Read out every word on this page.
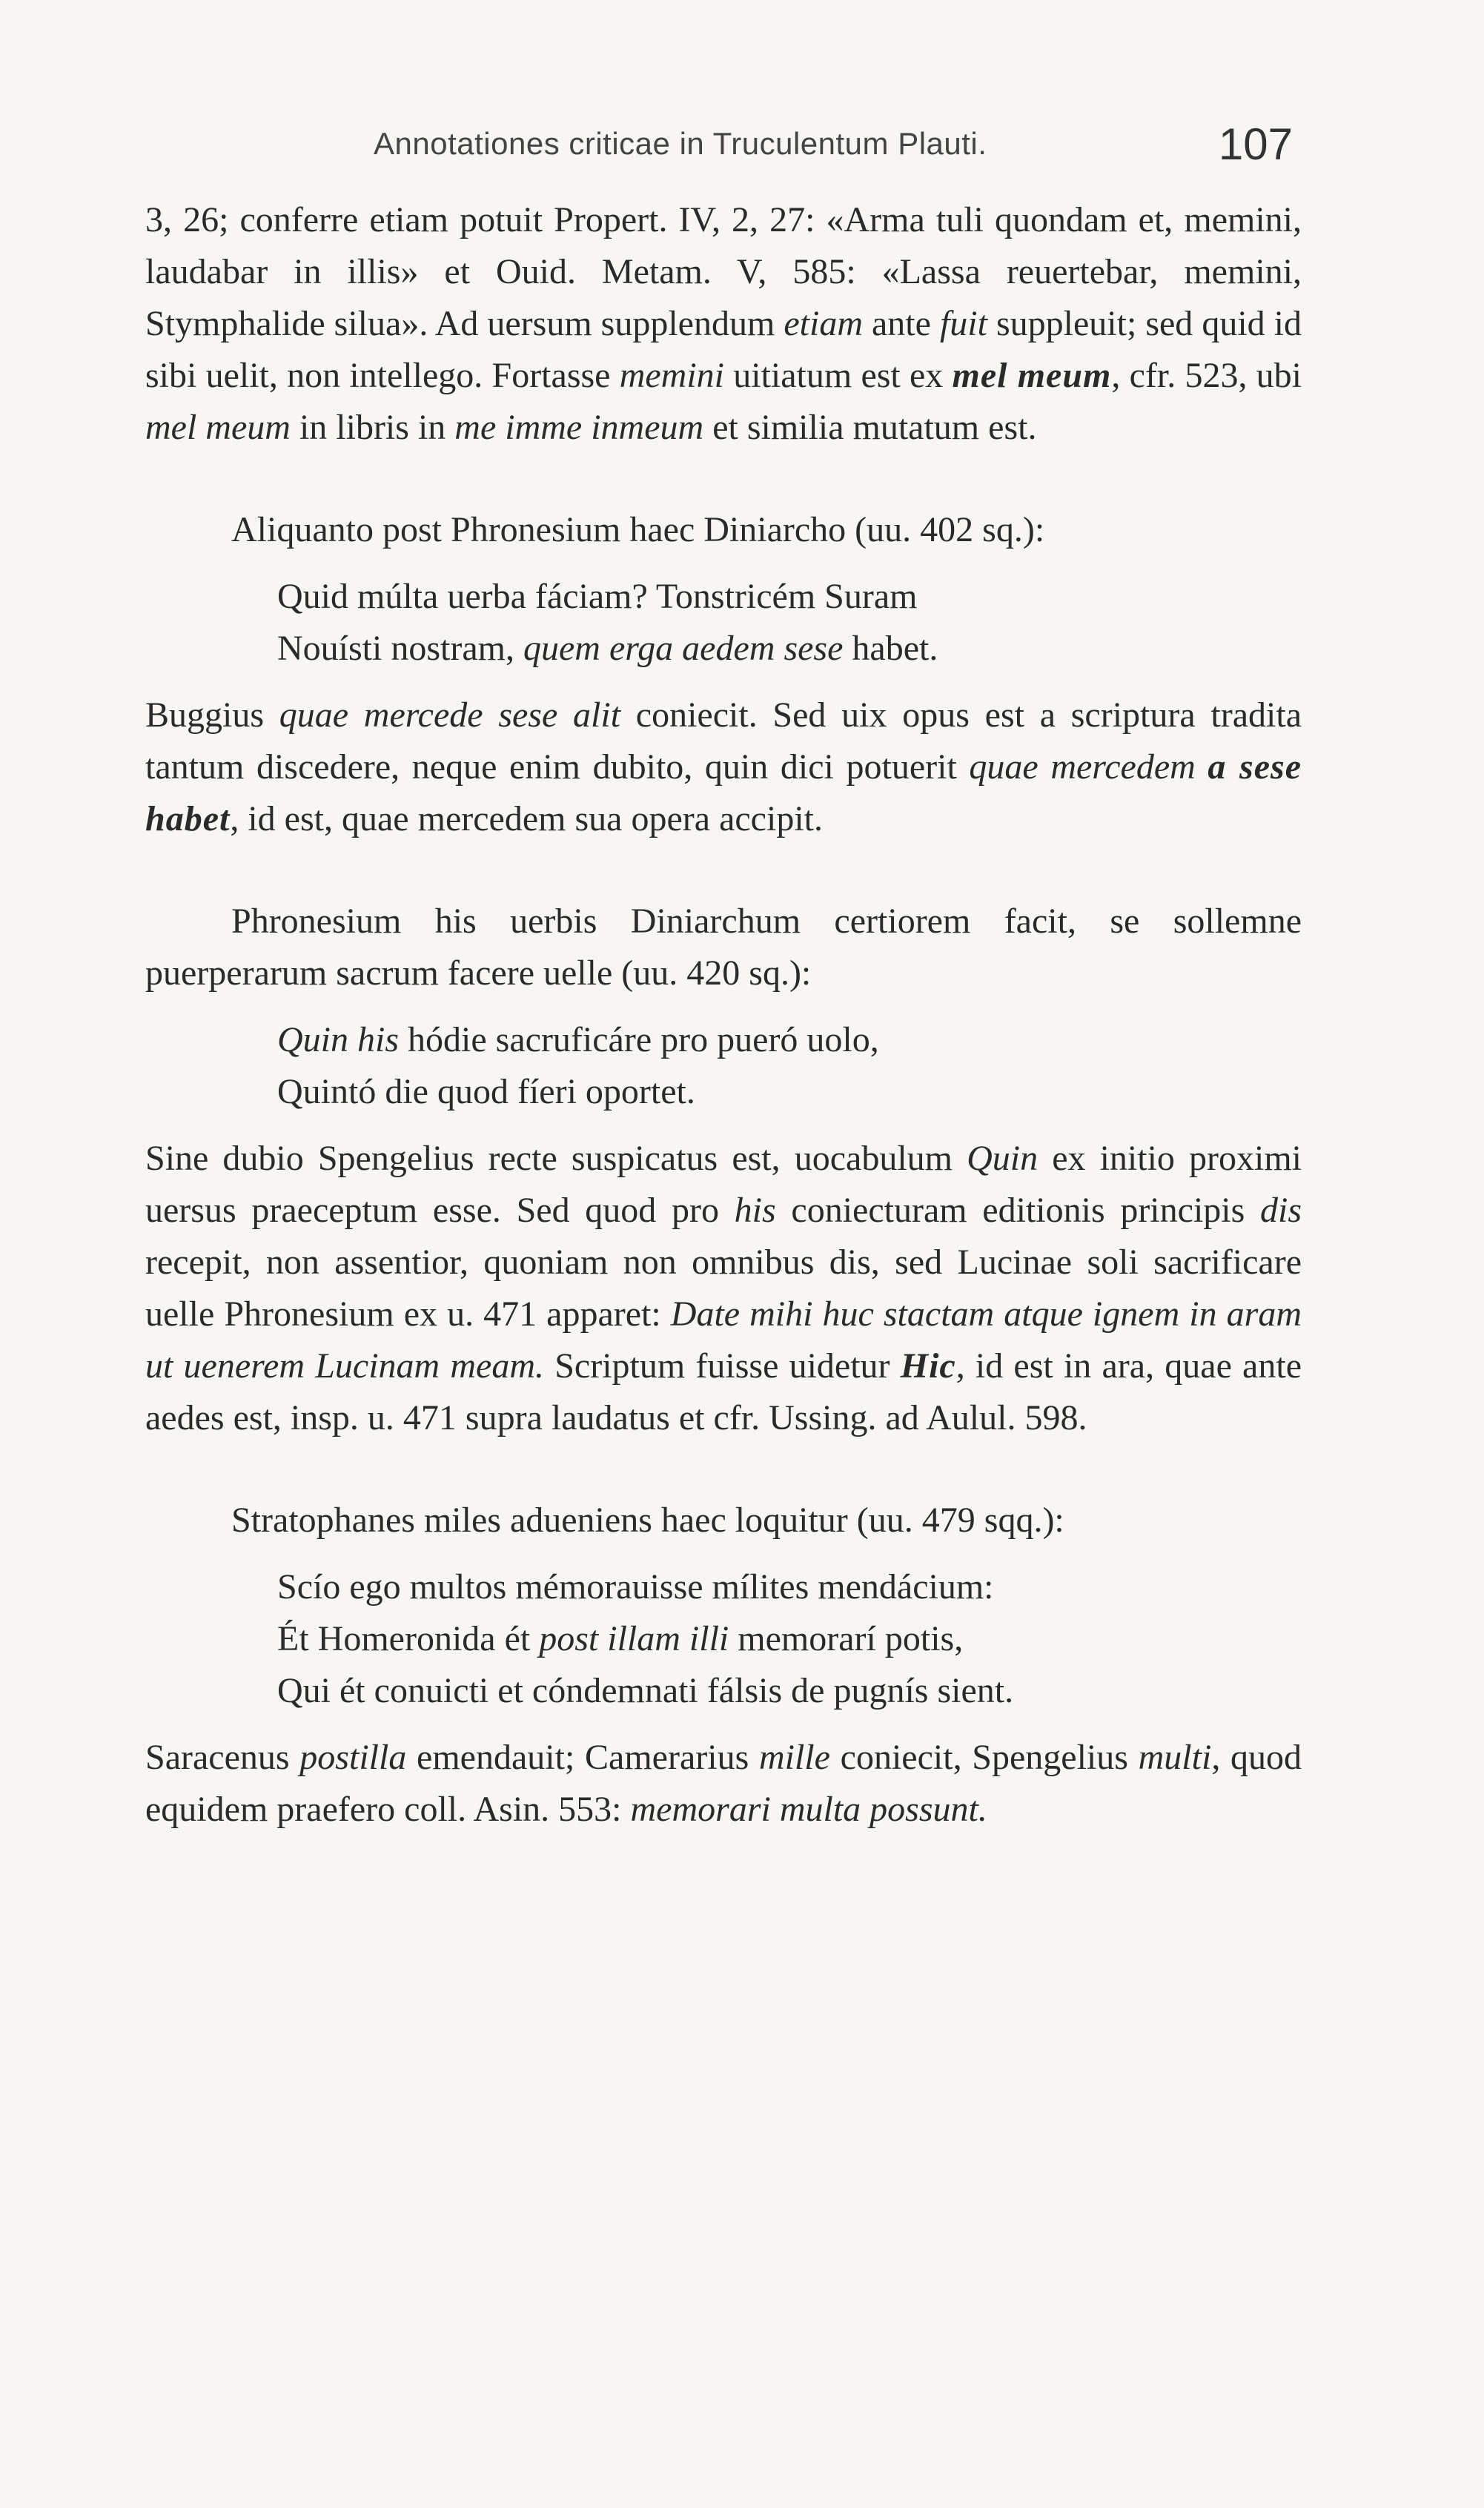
Annotationes criticae in Truculentum Plauti.	107

3, 26; conferre etiam potuit Propert. IV, 2, 27: «Arma tuli quondam et, memini, laudabar in illis» et Ouid. Metam. V, 585: «Lassa reuertebar, memini, Stymphalide silua». Ad uersum supplendum etiam ante fuit suppleuit; sed quid id sibi uelit, non intellego. Fortasse memini uitiatum est ex mel meum, cfr. 523, ubi mel meum in libris in me imme inmeum et similia mutatum est.

Aliquanto post Phronesium haec Diniarcho (uu. 402 sq.):

Quid múlta uerba fáciam? Tonstricém Suram
Nouísti nostram, quem erga aedem sese habet.

Buggius quae mercede sese alit coniecit. Sed uix opus est a scriptura tradita tantum discedere, neque enim dubito, quin dici potuerit quae mercedem a sese habet, id est, quae mercedem sua opera accipit.

Phronesium his uerbis Diniarchum certiorem facit, se sollemne puerperarum sacrum facere uelle (uu. 420 sq.):

Quin his hódie sacruficáre pro pueró uolo,
Quintó die quod fíeri oportet.

Sine dubio Spengelius recte suspicatus est, uocabulum Quin ex initio proximi uersus praeceptum esse. Sed quod pro his coniecturam editionis principis dis recepit, non assentior, quoniam non omnibus dis, sed Lucinae soli sacrificare uelle Phronesium ex u. 471 apparet: Date mihi huc stactam atque ignem in aram ut uenerem Lucinam meam. Scriptum fuisse uidetur Hic, id est in ara, quae ante aedes est, insp. u. 471 supra laudatus et cfr. Ussing. ad Aulul. 598.

Stratophanes miles adueniens haec loquitur (uu. 479 sqq.):

Scío ego multos mémorauisse mílites mendácium:
Ét Homeronida ét post illam illi memorarí potis,
Qui ét conuicti et cóndemnati fálsis de pugnís sient.

Saracenus postilla emendauit; Camerarius mille coniecit, Spengelius multi, quod equidem praefero coll. Asin. 553: memorari multa possunt.
